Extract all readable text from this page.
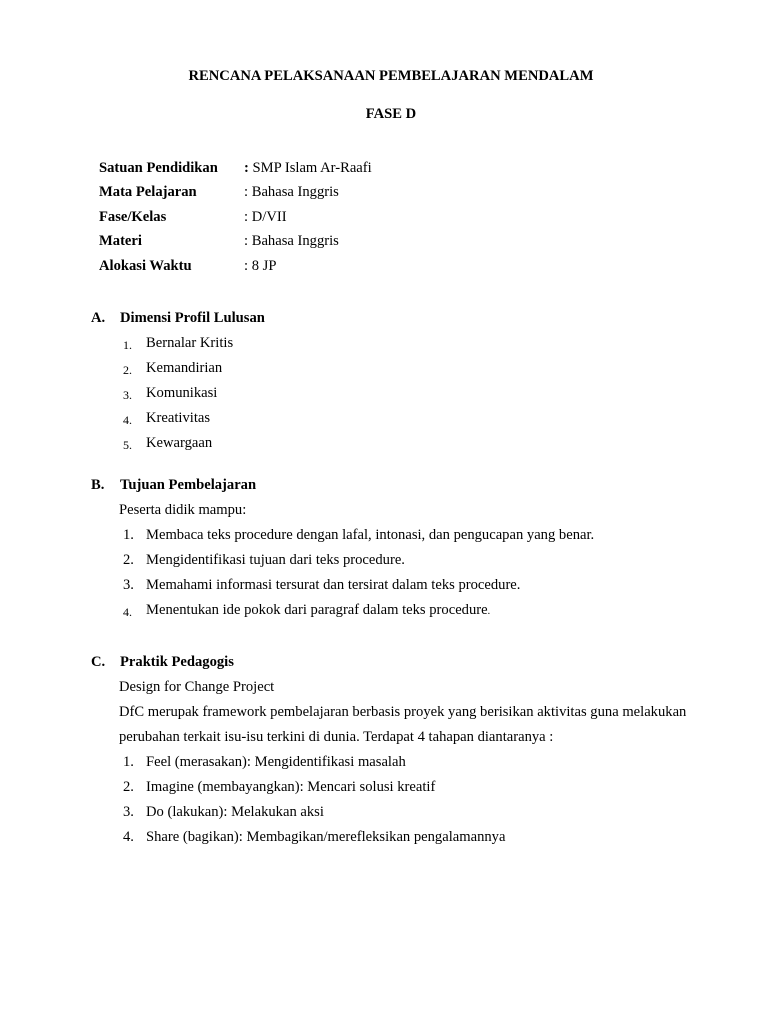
RENCANA PELAKSANAAN PEMBELAJARAN MENDALAM
FASE D
Satuan Pendidikan : SMP Islam Ar-Raafi
Mata Pelajaran	: Bahasa Inggris
Fase/Kelas	: D/VII
Materi	: Bahasa Inggris
Alokasi Waktu	: 8 JP
A. Dimensi Profil Lulusan
1. Bernalar Kritis
2. Kemandirian
3. Komunikasi
4. Kreativitas
5. Kewargaan
B. Tujuan Pembelajaran
Peserta didik mampu:
1. Membaca teks procedure dengan lafal, intonasi, dan pengucapan yang benar.
2. Mengidentifikasi tujuan dari teks procedure.
3. Memahami informasi tersurat dan tersirat dalam teks procedure.
4. Menentukan ide pokok dari paragraf dalam teks procedure.
C. Praktik Pedagogis
Design for Change Project
DfC merupak framework pembelajaran berbasis proyek yang berisikan aktivitas guna melakukan
perubahan terkait isu-isu terkini di dunia. Terdapat 4 tahapan diantaranya :
1. Feel (merasakan): Mengidentifikasi masalah
2. Imagine (membayangkan): Mencari solusi kreatif
3. Do (lakukan): Melakukan aksi
4. Share (bagikan): Membagikan/merefleksikan pengalamannya
